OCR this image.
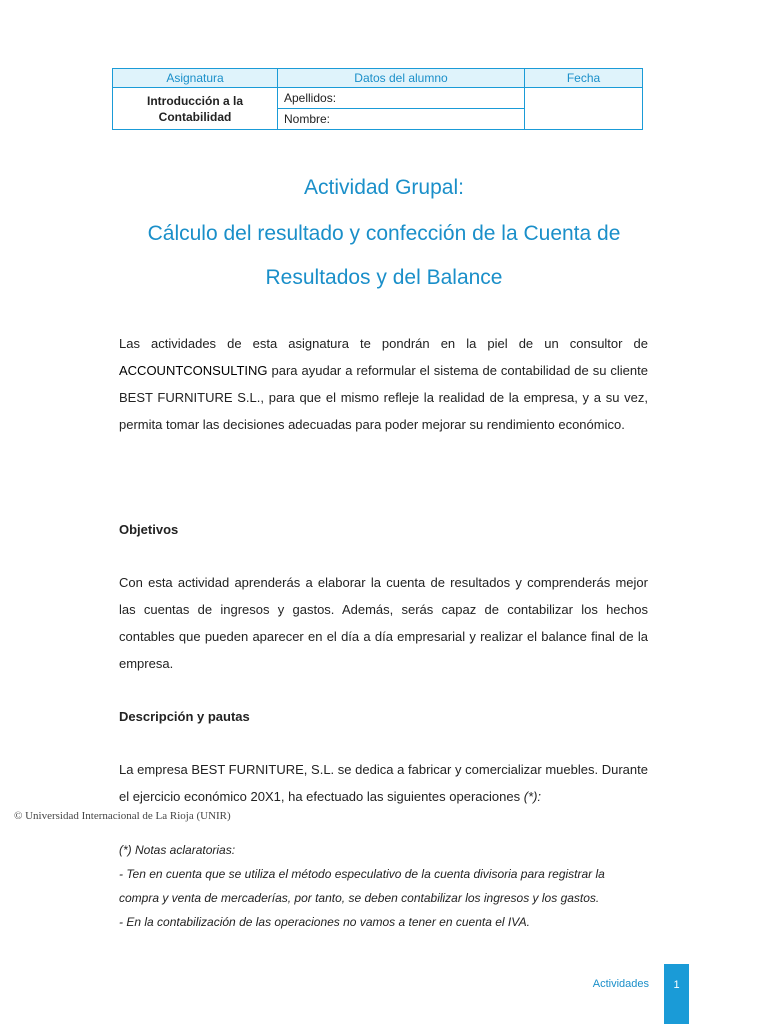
Asignatura	Datos del alumno	Fecha

Introducción a la
Contabilidad	Apellidos:	
	Nombre:	
Actividad Grupal:
Cálculo del resultado y confección de la Cuenta de
Resultados y del Balance

Las actividades de esta asignatura te pondrán en la piel de un consultor de ACCOUNTCONSULTING para ayudar a reformular el sistema de contabilidad de su cliente BEST FURNITURE S.L., para que el mismo refleje la realidad de la empresa, y a su vez, permita tomar las decisiones adecuadas para poder mejorar su rendimiento económico.

Objetivos

Con esta actividad aprenderás a elaborar la cuenta de resultados y comprenderás mejor las cuentas de ingresos y gastos. Además, serás capaz de contabilizar los hechos contables que pueden aparecer en el día a día empresarial y realizar el balance final de la empresa.

Descripción y pautas

La empresa BEST FURNITURE, S.L. se dedica a fabricar y comercializar muebles. Durante el ejercicio económico 20X1, ha efectuado las siguientes operaciones (*):

© Universidad Internacional de La Rioja (UNIR)

(*) Notas aclaratorias:
- Ten en cuenta que se utiliza el método especulativo de la cuenta divisoria para registrar la
compra y venta de mercaderías, por tanto, se deben contabilizar los ingresos y los gastos.
- En la contabilización de las operaciones no vamos a tener en cuenta el IVA.
Actividades	1
